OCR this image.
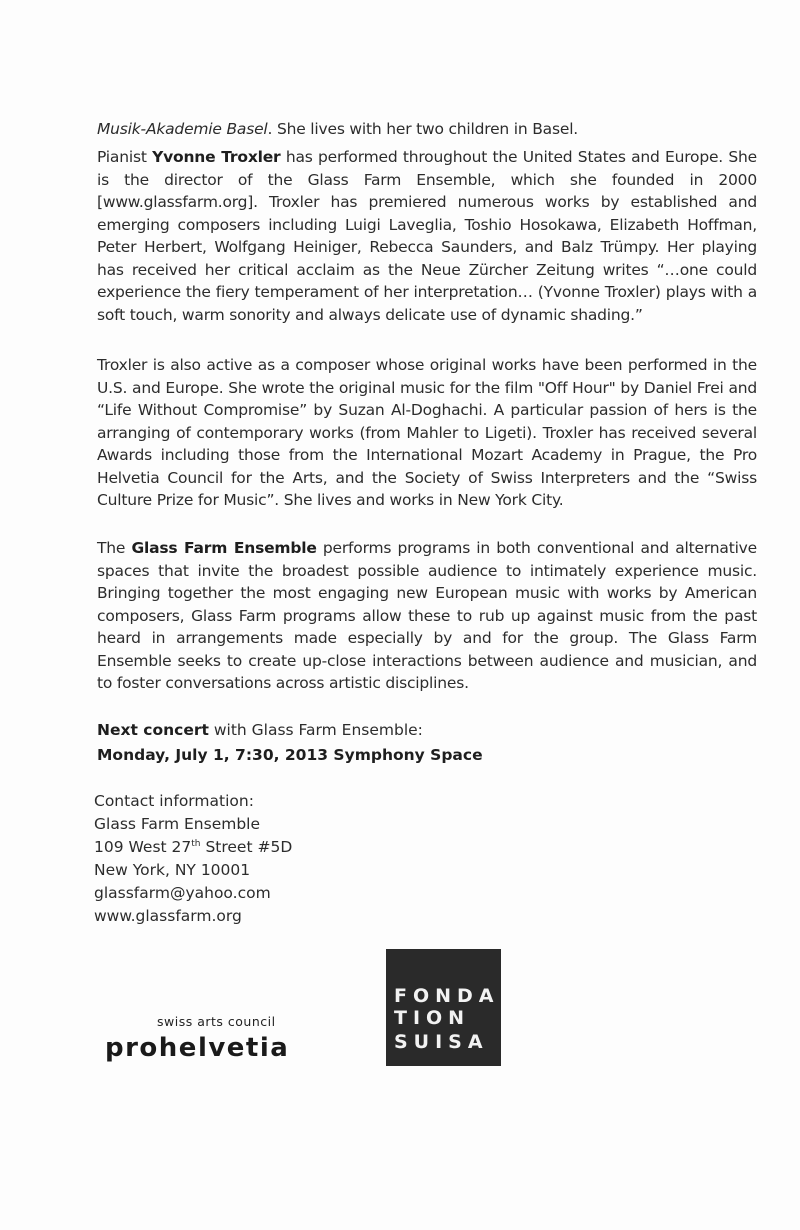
Musik-Akademie Basel. She lives with her two children in Basel.
Pianist Yvonne Troxler has performed throughout the United States and Europe. She is the director of the Glass Farm Ensemble, which she founded in 2000 [www.glassfarm.org]. Troxler has premiered numerous works by established and emerging composers including Luigi Laveglia, Toshio Hosokawa, Elizabeth Hoffman, Peter Herbert, Wolfgang Heiniger, Rebecca Saunders, and Balz Trümpy. Her playing has received her critical acclaim as the Neue Zürcher Zeitung writes “…one could experience the fiery temperament of her interpretation… (Yvonne Troxler) plays with a soft touch, warm sonority and always delicate use of dynamic shading.”
Troxler is also active as a composer whose original works have been performed in the U.S. and Europe. She wrote the original music for the film "Off Hour" by Daniel Frei and “Life Without Compromise” by Suzan Al-Doghachi. A particular passion of hers is the arranging of contemporary works (from Mahler to Ligeti). Troxler has received several Awards including those from the International Mozart Academy in Prague, the Pro Helvetia Council for the Arts, and the Society of Swiss Interpreters and the “Swiss Culture Prize for Music”. She lives and works in New York City.
The Glass Farm Ensemble performs programs in both conventional and alternative spaces that invite the broadest possible audience to intimately experience music. Bringing together the most engaging new European music with works by American composers, Glass Farm programs allow these to rub up against music from the past heard in arrangements made especially by and for the group. The Glass Farm Ensemble seeks to create up-close interactions between audience and musician, and to foster conversations across artistic disciplines.
Next concert with Glass Farm Ensemble:
Monday, July 1, 7:30, 2013 Symphony Space
Contact information:
Glass Farm Ensemble
109 West 27th Street #5D
New York, NY 10001
glassfarm@yahoo.com
www.glassfarm.org
swiss arts council
prohelvetia
FONDA
TION
SUISA
